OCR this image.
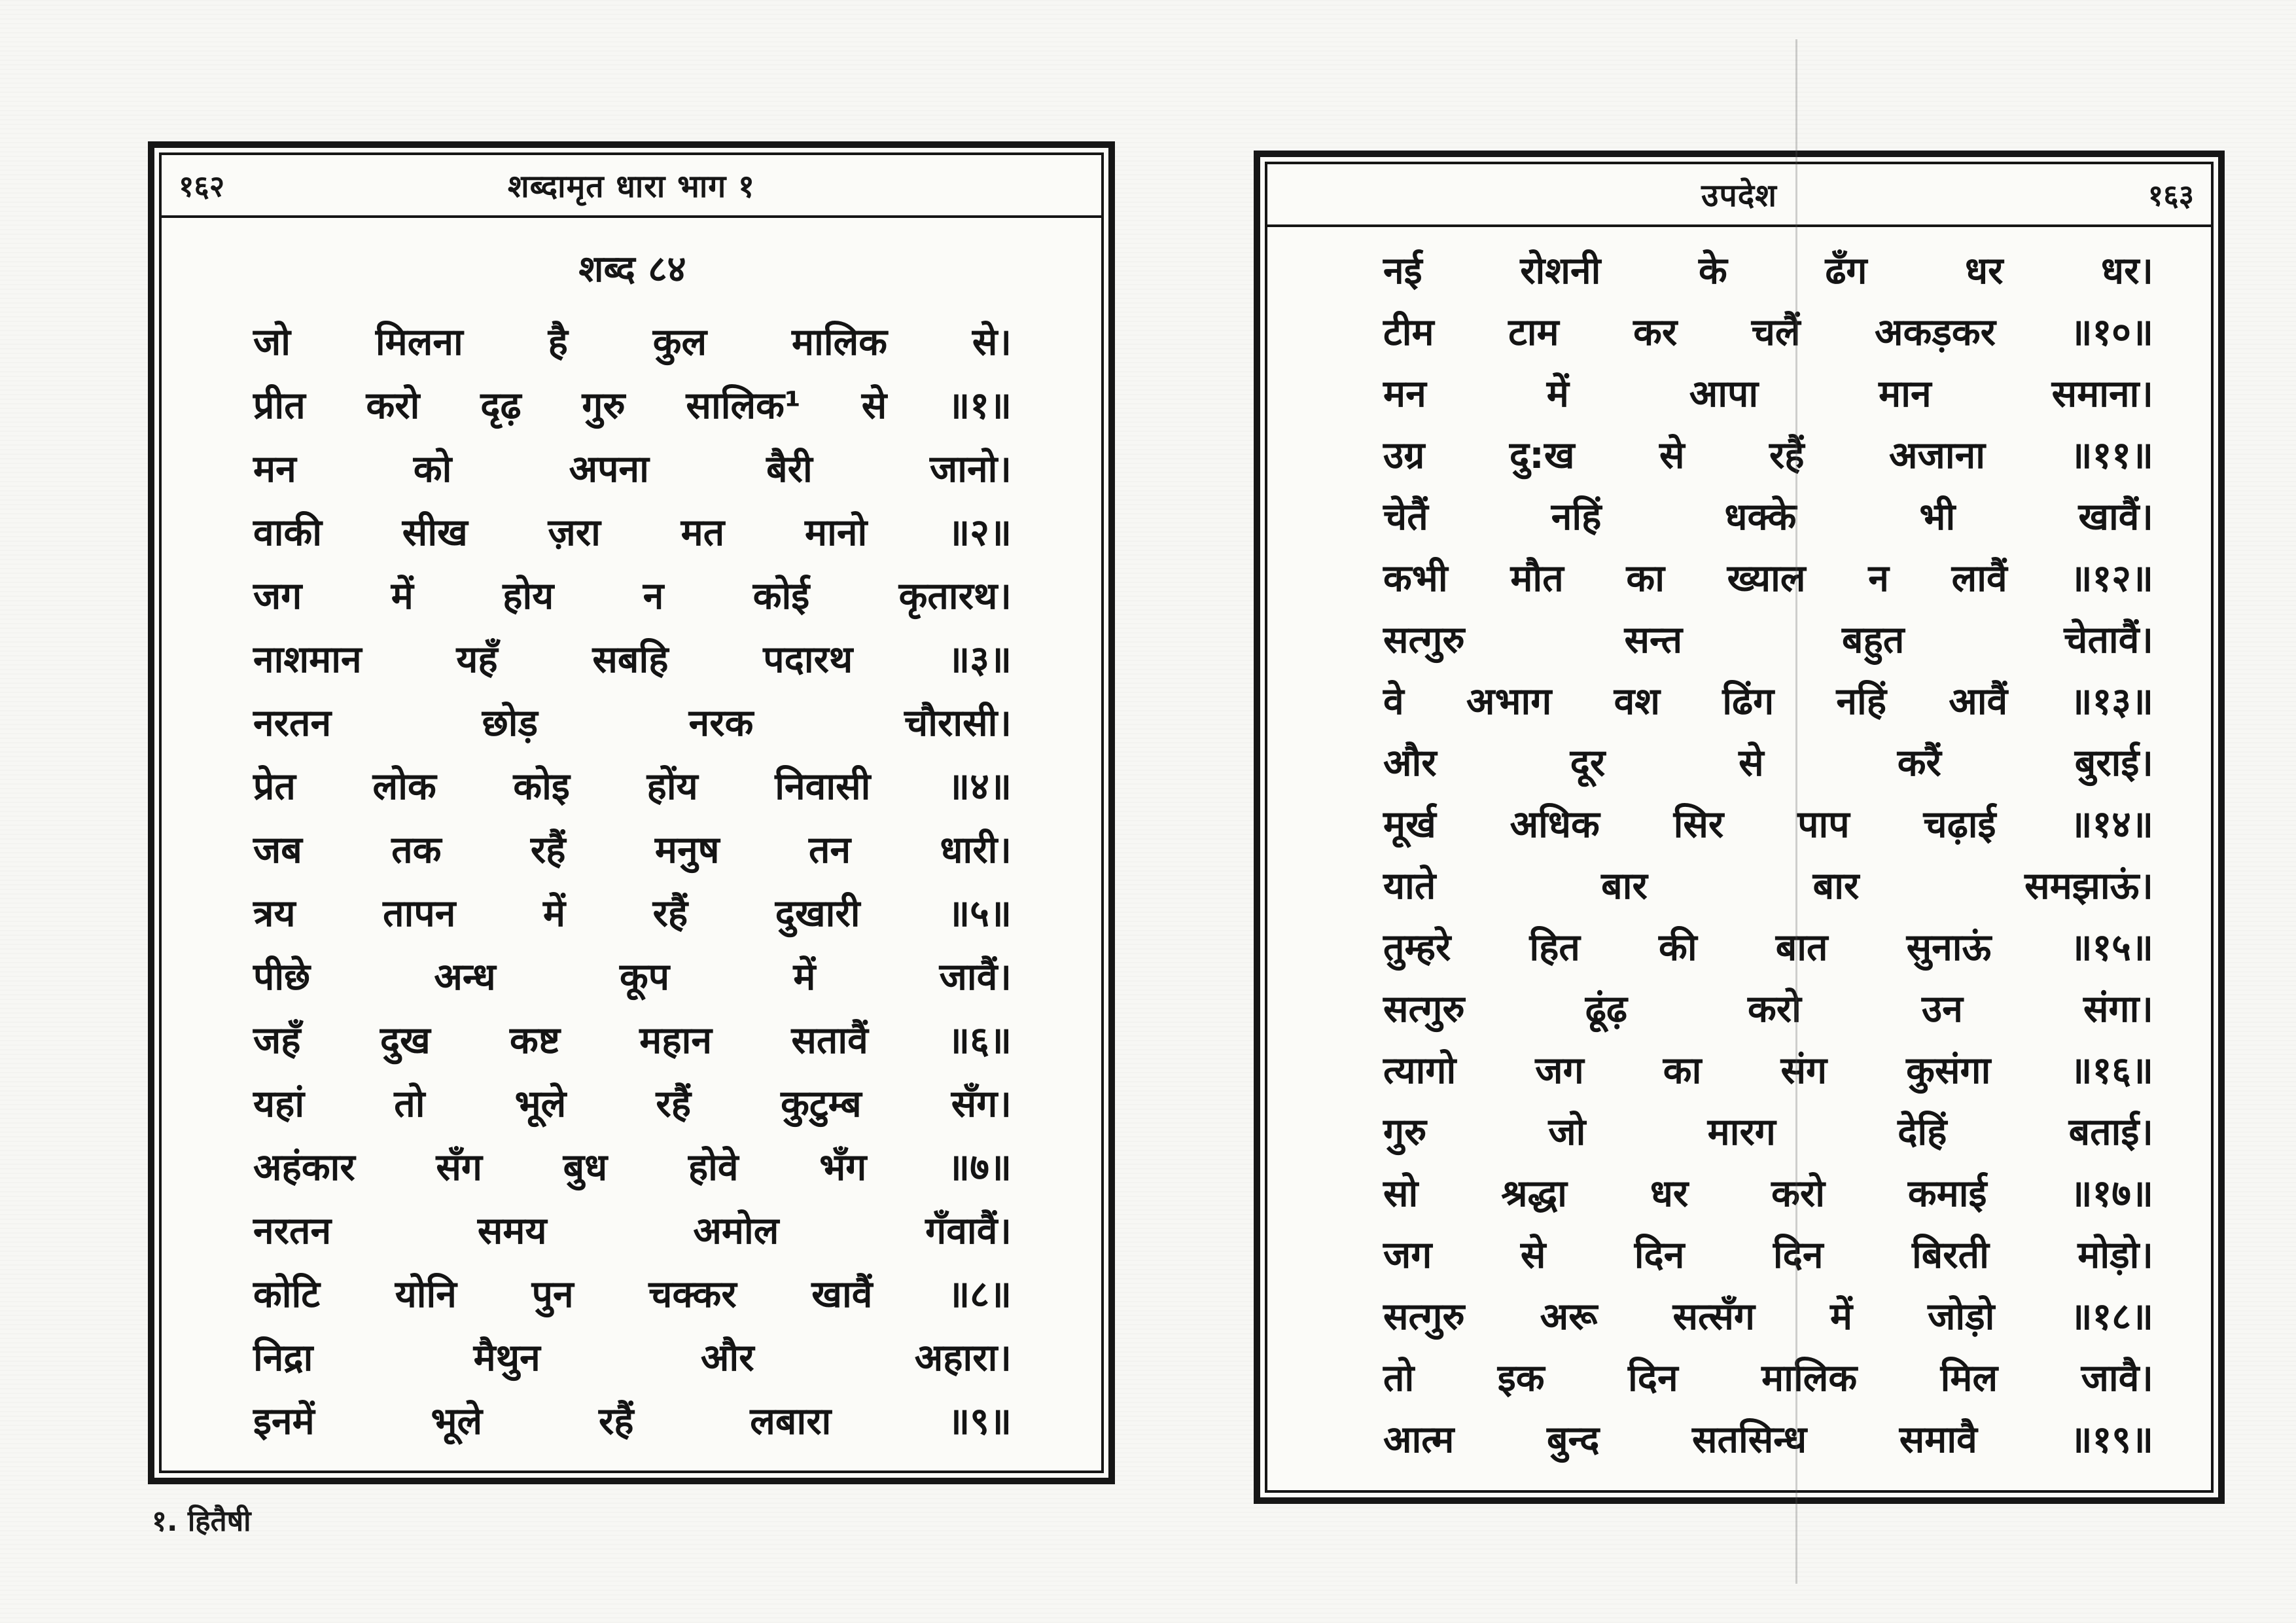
१६२	शब्दामृत धारा भाग १
शब्द ८४
जो मिलना है कुल मालिक से।
प्रीत करो दृढ़ गुरु सालिक¹ से ॥१॥
मन को अपना बैरी जानो।
वाकी सीख ज़रा मत मानो ॥२॥
जग में होय न कोई कृतारथ।
नाशमान यहँ सबहि पदारथ ॥३॥
नरतन छोड़ नरक चौरासी।
प्रेत लोक कोइ होंय निवासी ॥४॥
जब तक रहैं मनुष तन धारी।
त्रय तापन में रहैं दुखारी ॥५॥
पीछे अन्ध कूप में जावैं।
जहँ दुख कष्ट महान सतावैं ॥६॥
यहां तो भूले रहैं कुटुम्ब सँग।
अहंकार सँग बुध होवे भँग ॥७॥
नरतन समय अमोल गँवावैं।
कोटि योनि पुन चक्कर खावैं ॥८॥
निद्रा मैथुन और अहारा।
इनमें भूले रहैं लबारा ॥९॥
१. हितैषी
उपदेश	१६३
नई रोशनी के ढँग धर धर।
टीम टाम कर चलैं अकड़कर ॥१०॥
मन में आपा मान समाना।
उग्र दु:ख से रहैं अजाना ॥११॥
चेतैं नहिं धक्के भी खावैं।
कभी मौत का ख्याल न लावैं ॥१२॥
सत्गुरु सन्त बहुत चेतावैं।
वे अभाग वश ढिंग नहिं आवैं ॥१३॥
और दूर से करैं बुराई।
मूर्ख अधिक सिर पाप चढ़ाई ॥१४॥
याते बार बार समझाऊं।
तुम्हरे हित की बात सुनाऊं ॥१५॥
सत्गुरु ढूंढ़ करो उन संगा।
त्यागो जग का संग कुसंगा ॥१६॥
गुरु जो मारग देहिं बताई।
सो श्रद्धा धर करो कमाई ॥१७॥
जग से दिन दिन बिरती मोड़ो।
सत्गुरु अरू सत्सँग में जोड़ो ॥१८॥
तो इक दिन मालिक मिल जावै।
आत्म बुन्द सतसिन्ध समावै ॥१९॥
